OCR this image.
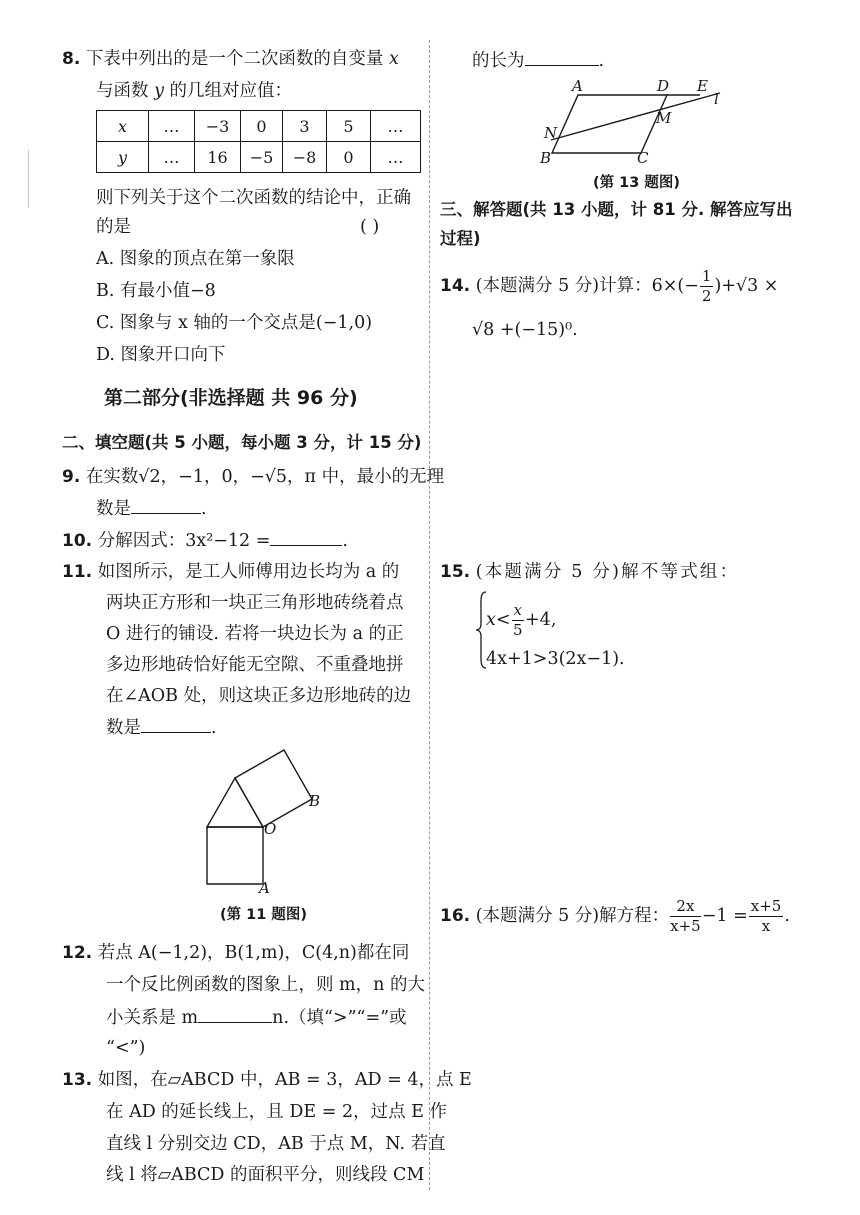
8. 下表中列出的是一个二次函数的自变量 x
与函数 y 的几组对应值：
x	…	−3	0	3	5	…
y	…	16	−5	−8	0	…
则下列关于这个二次函数的结论中，正确
的是	( )
A. 图象的顶点在第一象限
B. 有最小值−8
C. 图象与 x 轴的一个交点是(−1,0)
D. 图象开口向下
第二部分(非选择题 共 96 分)
二、填空题(共 5 小题，每小题 3 分，计 15 分)
9. 在实数√2，−1，0，−√5，π 中，最小的无理
数是	.
10. 分解因式：3x²−12 =	.
11. 如图所示，是工人师傅用边长均为 a 的
两块正方形和一块正三角形地砖绕着点
O 进行的铺设. 若将一块边长为 a 的正
多边形地砖恰好能无空隙、不重叠地拼
在∠AOB 处，则这块正多边形地砖的边
数是	.
B
O
A
(第 11 题图)
12. 若点 A(−1,2)，B(1,m)，C(4,n)都在同
一个反比例函数的图象上，则 m，n 的大
小关系是 m	n.（填“>”“=”或
“<”)
13. 如图，在▱ABCD 中，AB = 3，AD = 4，点 E
在 AD 的延长线上，且 DE = 2，过点 E 作
直线 l 分别交边 CD，AB 于点 M，N. 若直
线 l 将▱ABCD 的面积平分，则线段 CM
的长为	.
A	D E
l
M
N
B	C
(第 13 题图)
三、解答题(共 13 小题，计 81 分. 解答应写出
过程)
14. (本题满分 5 分)计算：$6\times(- \frac{1}{2} )+√3$ ×
√8 +(−15)⁰.
15. (本题满分 5 分)解不等式组：
$x< \frac{x}{5} +4$,
4x+1>3(2x−1).
16. (本题满分 5 分)解方程： $\frac{2x}{x+5} -1 = \frac{x+5}{x}$ .
